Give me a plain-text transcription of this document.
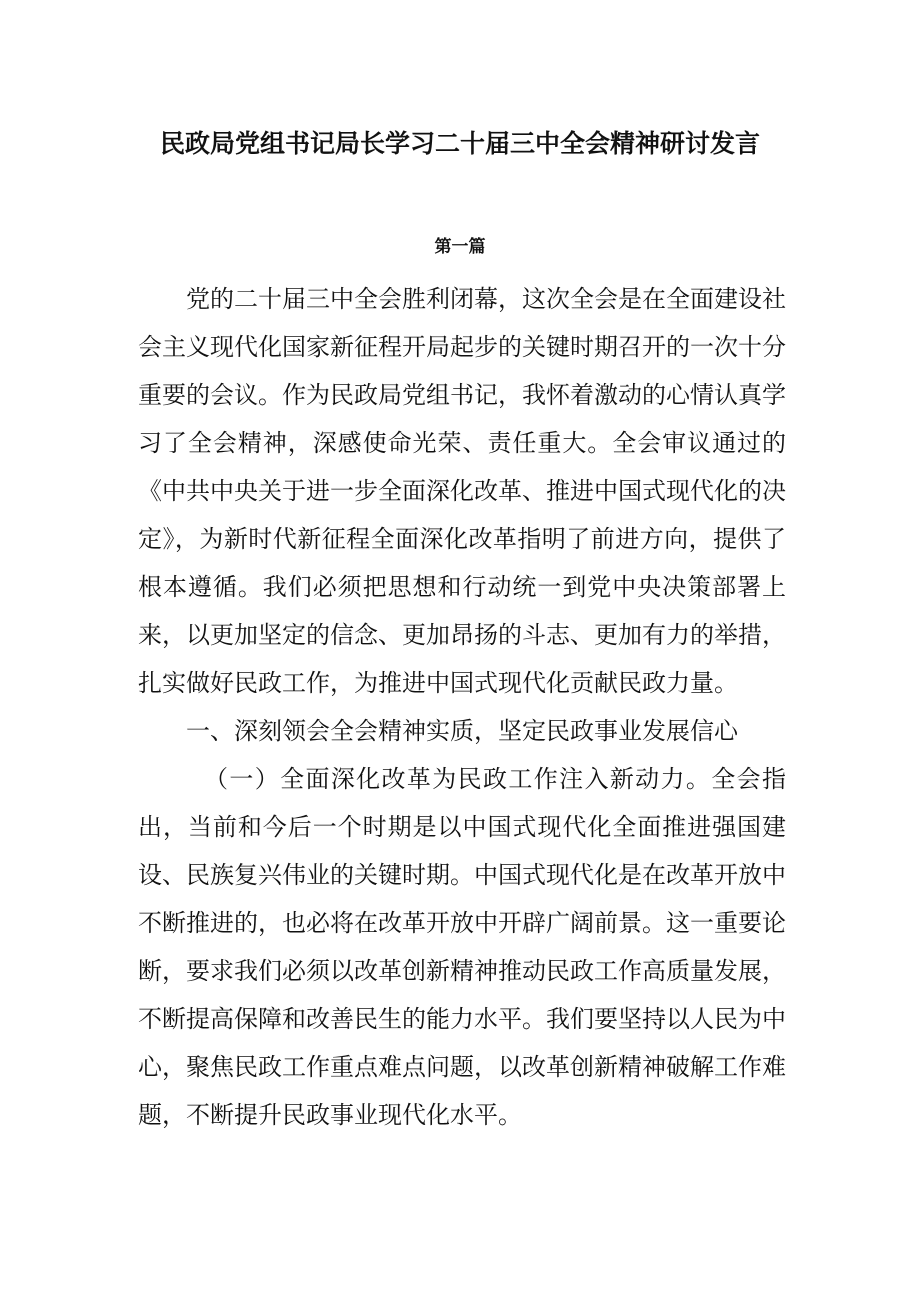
民政局党组书记局长学习二十届三中全会精神研讨发言
第一篇

党的二十届三中全会胜利闭幕，这次全会是在全面建设社会主义现代化国家新征程开局起步的关键时期召开的一次十分重要的会议。作为民政局党组书记，我怀着激动的心情认真学习了全会精神，深感使命光荣、责任重大。全会审议通过的《中共中央关于进一步全面深化改革、推进中国式现代化的决定》，为新时代新征程全面深化改革指明了前进方向，提供了根本遵循。我们必须把思想和行动统一到党中央决策部署上来，以更加坚定的信念、更加昂扬的斗志、更加有力的举措，扎实做好民政工作，为推进中国式现代化贡献民政力量。

一、深刻领会全会精神实质，坚定民政事业发展信心

（一）全面深化改革为民政工作注入新动力。全会指出，当前和今后一个时期是以中国式现代化全面推进强国建设、民族复兴伟业的关键时期。中国式现代化是在改革开放中不断推进的，也必将在改革开放中开辟广阔前景。这一重要论断，要求我们必须以改革创新精神推动民政工作高质量发展，不断提高保障和改善民生的能力水平。我们要坚持以人民为中心，聚焦民政工作重点难点问题，以改革创新精神破解工作难题，不断提升民政事业现代化水平。
